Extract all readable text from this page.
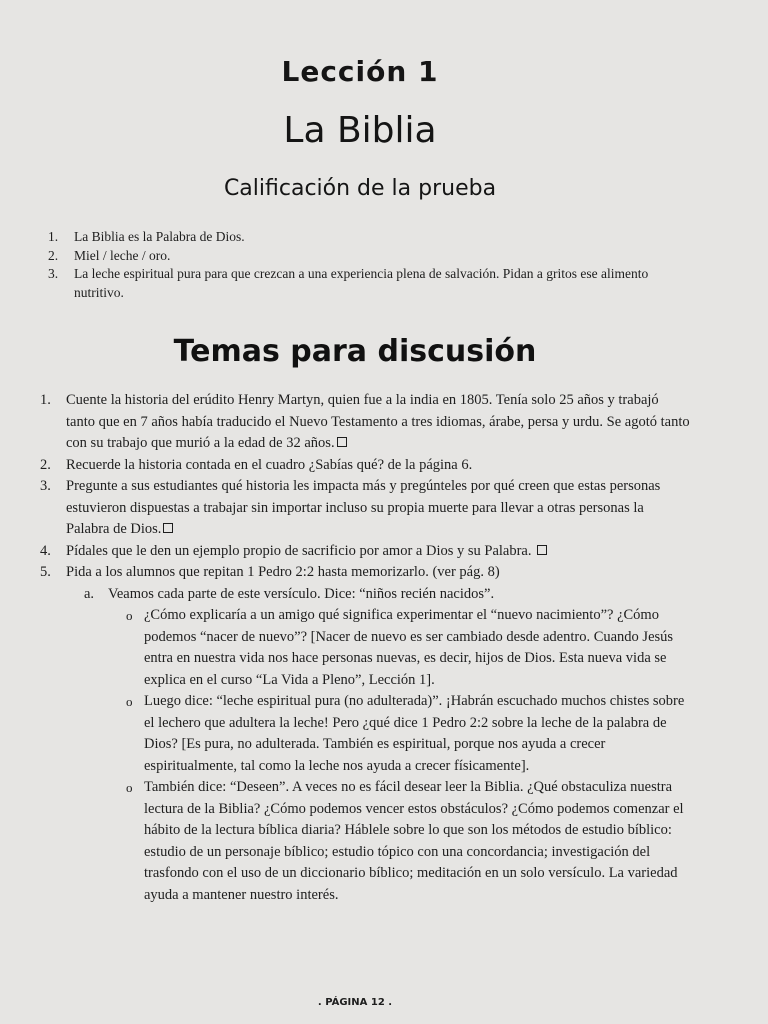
Lección 1
La Biblia
Calificación de la prueba
1. La Biblia es la Palabra de Dios.
2. Miel / leche / oro.
3. La leche espiritual pura para que crezcan a una experiencia plena de salvación. Pidan a gritos ese alimento nutritivo.
Temas para discusión
1. Cuente la historia del erúdito Henry Martyn, quien fue a la india en 1805. Tenía solo 25 años y trabajó tanto que en 7 años había traducido el Nuevo Testamento a tres idiomas, árabe, persa y urdu. Se agotó tanto con su trabajo que murió a la edad de 32 años.
2. Recuerde la historia contada en el cuadro ¿Sabías qué? de la página 6.
3. Pregunte a sus estudiantes qué historia les impacta más y pregúnteles por qué creen que estas personas estuvieron dispuestas a trabajar sin importar incluso su propia muerte para llevar a otras personas la Palabra de Dios.
4. Pídales que le den un ejemplo propio de sacrificio por amor a Dios y su Palabra.
5. Pida a los alumnos que repitan 1 Pedro 2:2 hasta memorizarlo. (ver pág. 8)
a. Veamos cada parte de este versículo. Dice: “niños recién nacidos”.
o ¿Cómo explicaría a un amigo qué significa experimentar el “nuevo nacimiento”? ¿Cómo podemos “nacer de nuevo”? [Nacer de nuevo es ser cambiado desde adentro. Cuando Jesús entra en nuestra vida nos hace personas nuevas, es decir, hijos de Dios. Esta nueva vida se explica en el curso “La Vida a Pleno”, Lección 1].
o Luego dice: “leche espiritual pura (no adulterada)”. ¡Habrán escuchado muchos chistes sobre el lechero que adultera la leche! Pero ¿qué dice 1 Pedro 2:2 sobre la leche de la palabra de Dios? [Es pura, no adulterada. También es espiritual, porque nos ayuda a crecer espiritualmente, tal como la leche nos ayuda a crecer físicamente].
o También dice: “Deseen”. A veces no es fácil desear leer la Biblia. ¿Qué obstaculiza nuestra lectura de la Biblia? ¿Cómo podemos vencer estos obstáculos? ¿Cómo podemos comenzar el hábito de la lectura bíblica diaria? Háblele sobre lo que son los métodos de estudio bíblico: estudio de un personaje bíblico; estudio tópico con una concordancia; investigación del trasfondo con el uso de un diccionario bíblico; meditación en un solo versículo. La variedad ayuda a mantener nuestro interés.
. PÁGINA 12 .
